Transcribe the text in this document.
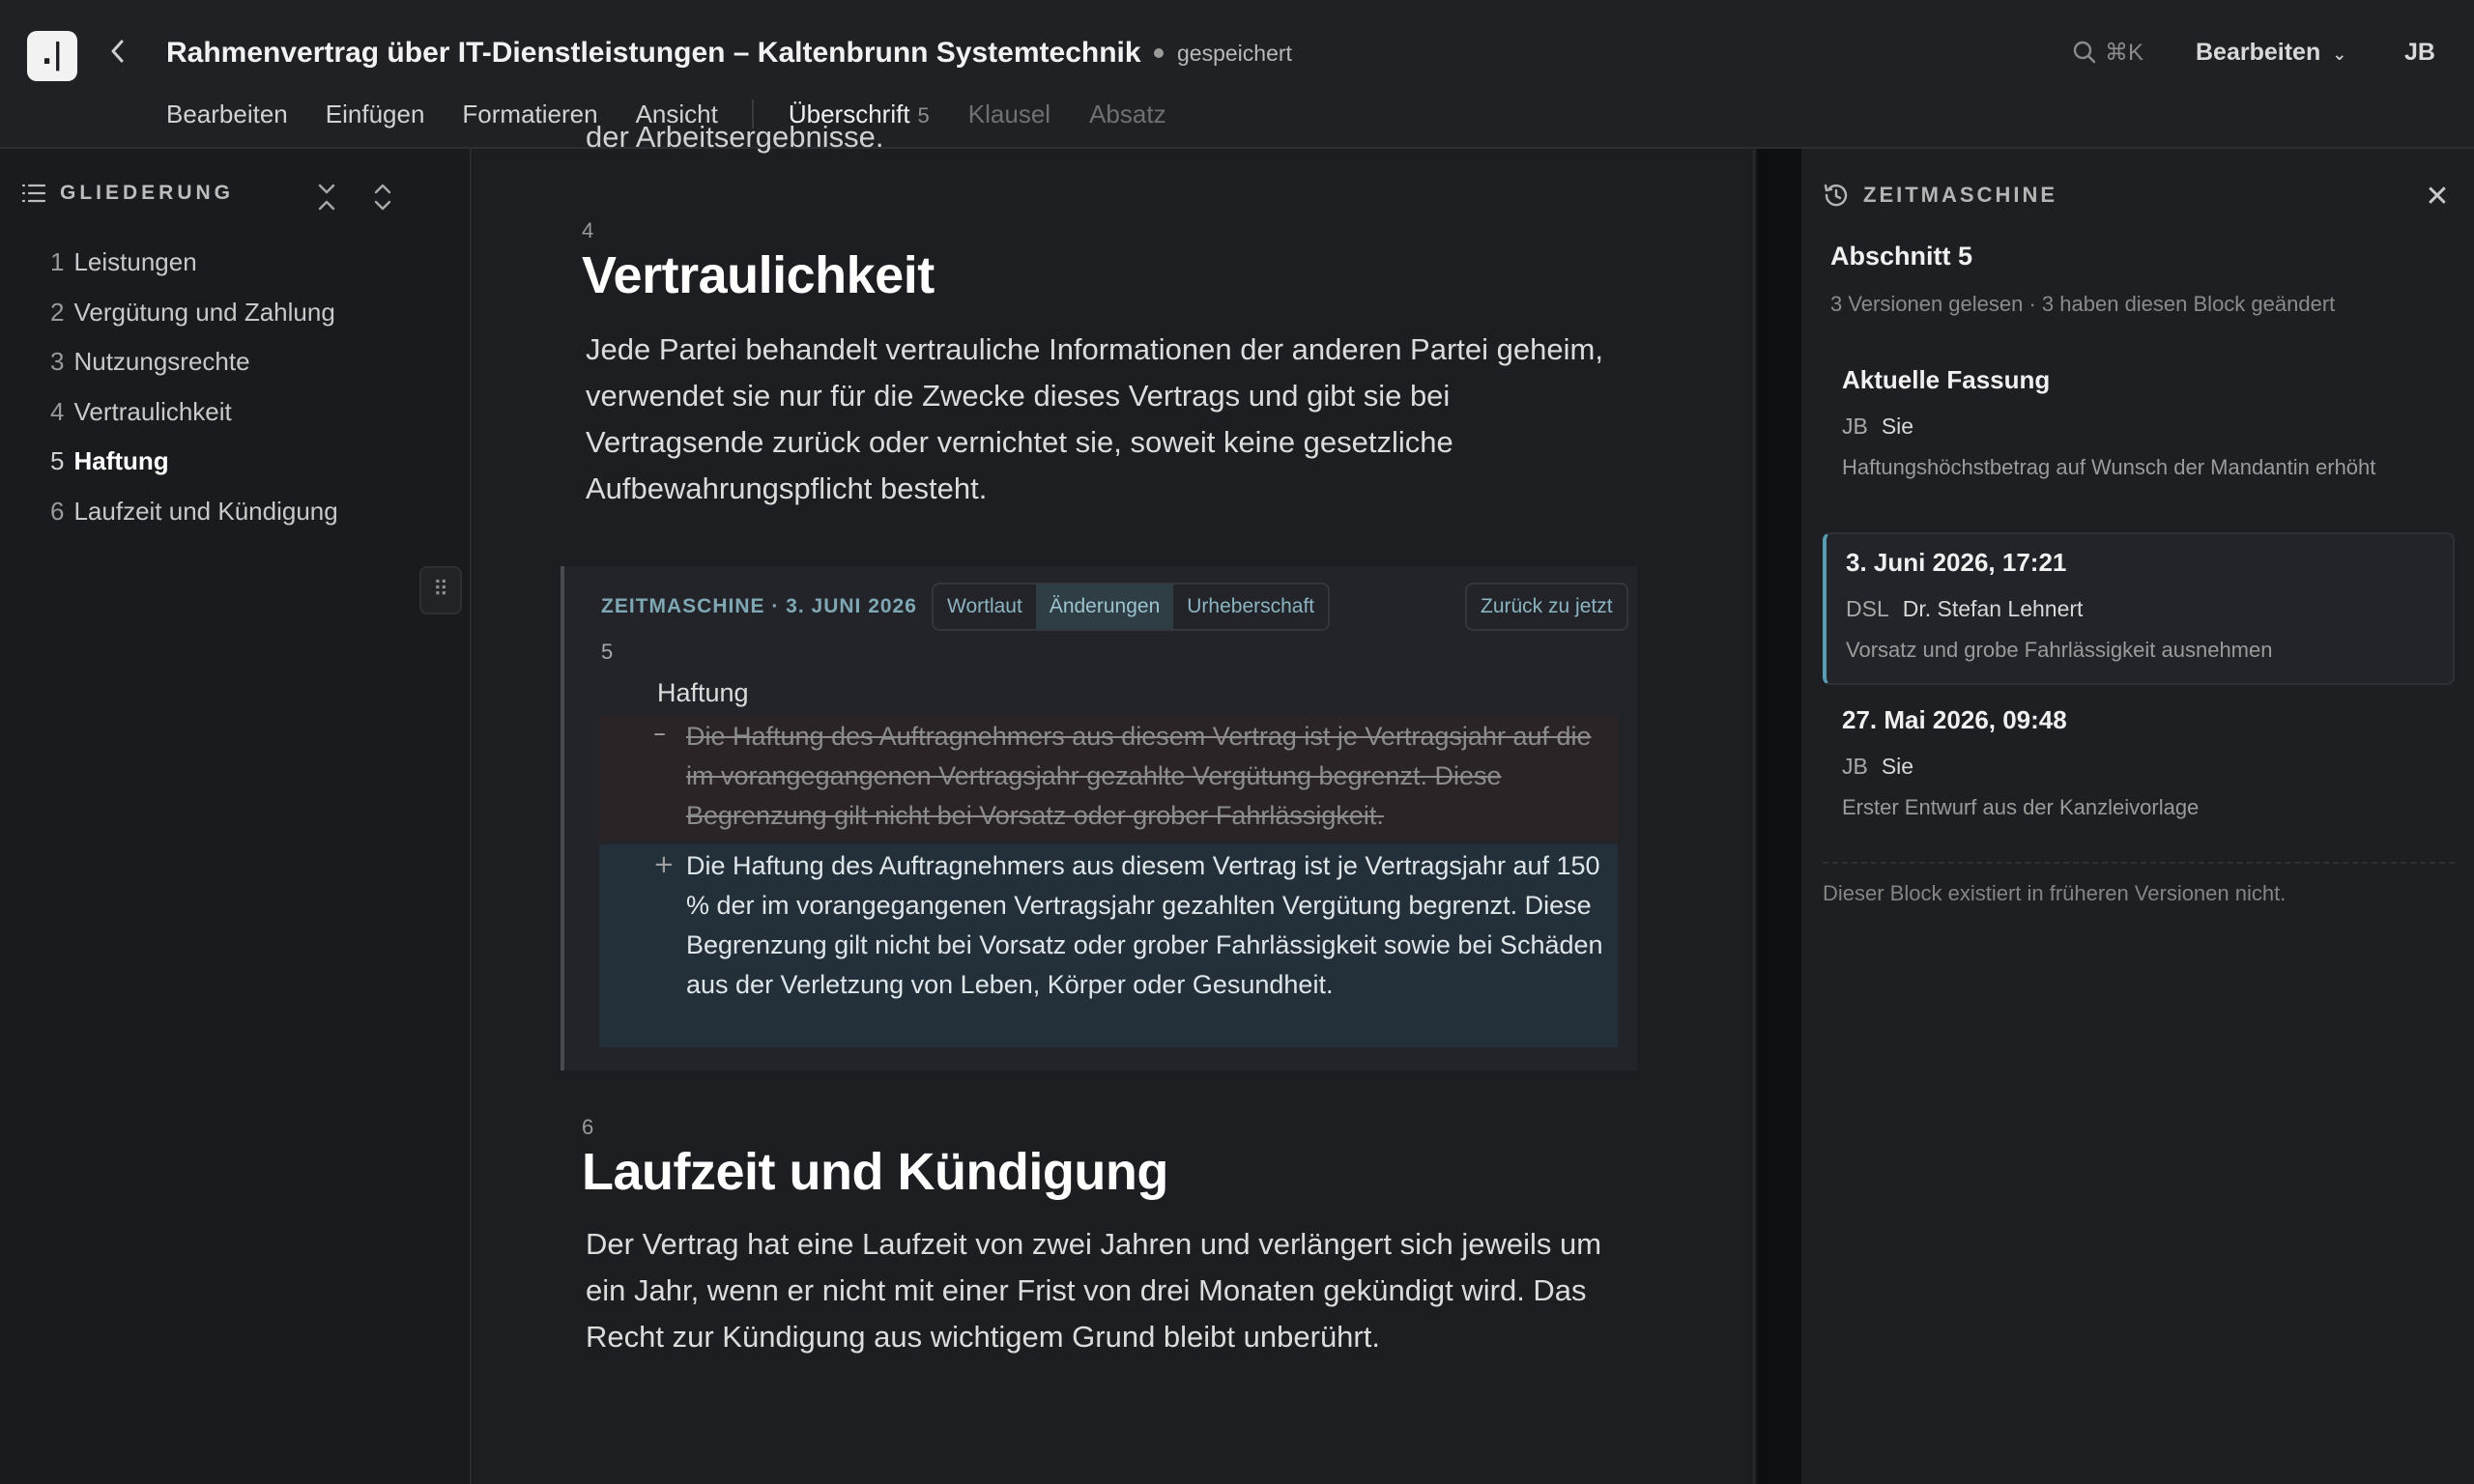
.|	Rahmenvertrag über IT-Dienstleistungen – Kaltenbrunn Systemtechnik	gespeichert	⌘K Bearbeiten ⌄ JB
Bearbeiten Einfügen Formatieren Ansicht	Überschrift 5 Klausel Absatz
GLIEDERUNG
1 Leistungen
2 Vergütung und Zahlung
3 Nutzungsrechte
4 Vertraulichkeit
5 Haftung
6 Laufzeit und Kündigung
⠿
der Arbeitsergebnisse.
4
Vertraulichkeit
Jede Partei behandelt vertrauliche Informationen der anderen Partei geheim, verwendet sie nur für die Zwecke dieses Vertrags und gibt sie bei Vertragsende zurück oder vernichtet sie, soweit keine gesetzliche Aufbewahrungspflicht besteht.
ZEITMASCHINE · 3. JUNI 2026	Wortlaut	Änderungen	Urheberschaft	Zurück zu jetzt
5
Haftung
– Die Haftung des Auftragnehmers aus diesem Vertrag ist je Vertragsjahr auf die im vorangegangenen Vertragsjahr gezahlte Vergütung begrenzt. Diese Begrenzung gilt nicht bei Vorsatz oder grober Fahrlässigkeit.
+ Die Haftung des Auftragnehmers aus diesem Vertrag ist je Vertragsjahr auf 150 % der im vorangegangenen Vertragsjahr gezahlten Vergütung begrenzt. Diese Begrenzung gilt nicht bei Vorsatz oder grober Fahrlässigkeit sowie bei Schäden aus der Verletzung von Leben, Körper oder Gesundheit.
6
Laufzeit und Kündigung
Der Vertrag hat eine Laufzeit von zwei Jahren und verlängert sich jeweils um ein Jahr, wenn er nicht mit einer Frist von drei Monaten gekündigt wird. Das Recht zur Kündigung aus wichtigem Grund bleibt unberührt.
ZEITMASCHINE	✕
Abschnitt 5
3 Versionen gelesen · 3 haben diesen Block geändert
Aktuelle Fassung
JB Sie
Haftungshöchstbetrag auf Wunsch der Mandantin erhöht
3. Juni 2026, 17:21
DSL Dr. Stefan Lehnert
Vorsatz und grobe Fahrlässigkeit ausnehmen
27. Mai 2026, 09:48
JB Sie
Erster Entwurf aus der Kanzleivorlage
Dieser Block existiert in früheren Versionen nicht.
